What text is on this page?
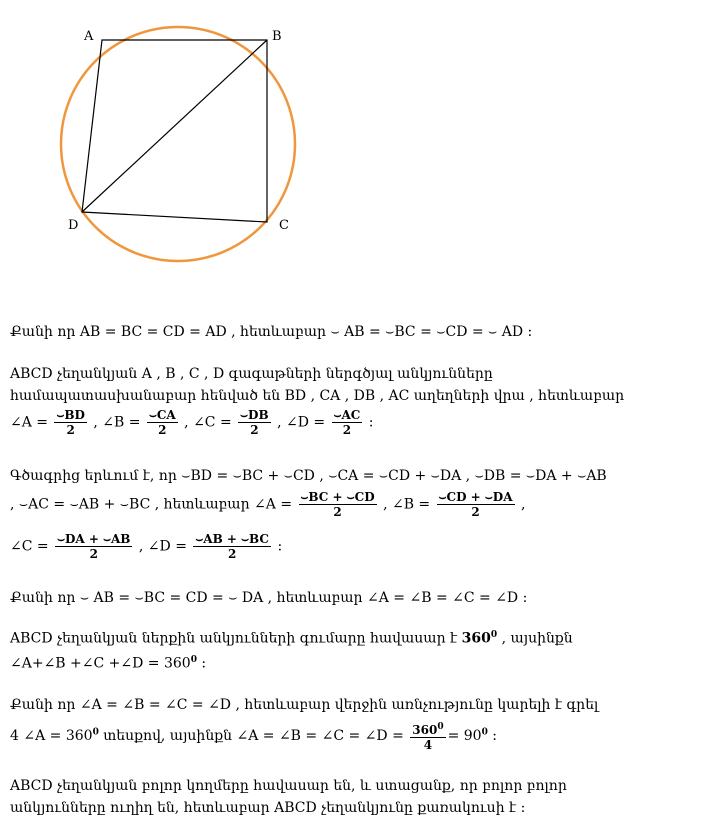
A	B
C
D
Քանի որ AB = BC = CD = AD , հետևաբար ⌣ AB = ⌣BC = ⌣CD = ⌣ AD :
ABCD չեղանկյան A , B , C , D գագաթների ներգծյալ անկյունները
համապատասխանաբար հենված են BD , CA , DB , AC աղեղների վրա , հետևաբար
∠A = $\frac{⌣BD}{2}$ , ∠B = $\frac{⌣CA}{2}$ , ∠C = $\frac{⌣DB}{2}$ , ∠D = $\frac{⌣AC}{2}$ :
Գծագրից երևում է, որ ⌣BD = ⌣BC + ⌣CD , ⌣CA = ⌣CD + ⌣DA , ⌣DB = ⌣DA + ⌣AB
, ⌣AC = ⌣AB + ⌣BC , հետևաբար ∠A = $\frac{⌣BC + ⌣CD}{2}$ , ∠B = $\frac{⌣CD + ⌣DA}{2}$ ,
∠C = $\frac{⌣DA + ⌣AB}{2}$ , ∠D = $\frac{⌣AB + ⌣BC}{2}$ :
Քանի որ ⌣ AB = ⌣BC = CD = ⌣ DA , հետևաբար ∠A = ∠B = ∠C = ∠D :
ABCD չեղանկյան ներքին անկյունների գումարը հավասար է $360^0$ , այսինքն
∠A+∠B +∠C +∠D = $360^0$ :
Քանի որ ∠A = ∠B = ∠C = ∠D , հետևաբար վերջին առնչությունը կարելի է գրել
4 ∠A = $360^0$ տեսքով, այսինքն ∠A = ∠B = ∠C = ∠D = $\frac{360^0}{4} = 90^0$ :
ABCD չեղանկյան բոլոր կողմերը հավասար են, և ստացանք, որ բոլոր բոլոր
անկյունները ուղիղ են, հետևաբար ABCD չեղանկյունը քառակուսի է :
